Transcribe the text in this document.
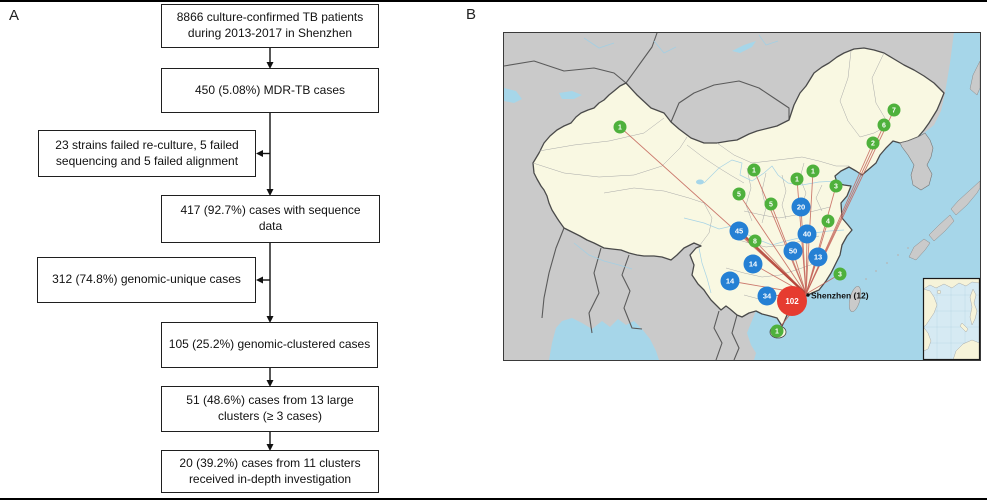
A	B
8866 culture-confirmed TB patients during 2013-2017 in Shenzhen
450 (5.08%) MDR-TB cases
23 strains failed re-culture, 5 failed sequencing and 5 failed alignment
417 (92.7%) cases with sequence data
312 (74.8%) genomic-unique cases
105 (25.2%) genomic-clustered cases
51 (48.6%) cases from 13 large clusters (≥ 3 cases)
20 (39.2%) cases from 11 clusters received in-depth investigation
1
7
6
2
1	1
1
3
5
5
4
8
3
1
20
45	40
50
13
14
14
34
102
Shenzhen (12)
